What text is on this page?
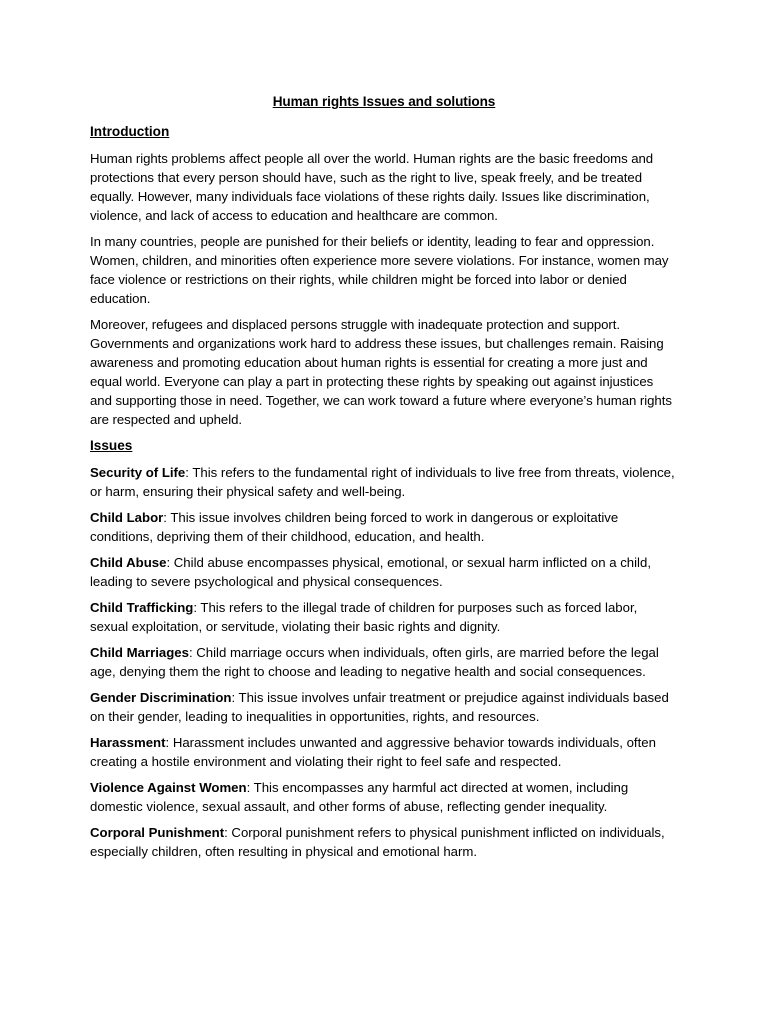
Human rights Issues and solutions
Introduction

Human rights problems affect people all over the world. Human rights are the basic freedoms and protections that every person should have, such as the right to live, speak freely, and be treated equally. However, many individuals face violations of these rights daily. Issues like discrimination, violence, and lack of access to education and healthcare are common.

In many countries, people are punished for their beliefs or identity, leading to fear and oppression. Women, children, and minorities often experience more severe violations. For instance, women may face violence or restrictions on their rights, while children might be forced into labor or denied education.

Moreover, refugees and displaced persons struggle with inadequate protection and support. Governments and organizations work hard to address these issues, but challenges remain. Raising awareness and promoting education about human rights is essential for creating a more just and equal world. Everyone can play a part in protecting these rights by speaking out against injustices and supporting those in need. Together, we can work toward a future where everyone’s human rights are respected and upheld.

Issues
Security of Life: This refers to the fundamental right of individuals to live free from threats, violence, or harm, ensuring their physical safety and well-being.
Child Labor: This issue involves children being forced to work in dangerous or exploitative conditions, depriving them of their childhood, education, and health.
Child Abuse: Child abuse encompasses physical, emotional, or sexual harm inflicted on a child, leading to severe psychological and physical consequences.
Child Trafficking: This refers to the illegal trade of children for purposes such as forced labor, sexual exploitation, or servitude, violating their basic rights and dignity.
Child Marriages: Child marriage occurs when individuals, often girls, are married before the legal age, denying them the right to choose and leading to negative health and social consequences.
Gender Discrimination: This issue involves unfair treatment or prejudice against individuals based on their gender, leading to inequalities in opportunities, rights, and resources.
Harassment: Harassment includes unwanted and aggressive behavior towards individuals, often creating a hostile environment and violating their right to feel safe and respected.
Violence Against Women: This encompasses any harmful act directed at women, including domestic violence, sexual assault, and other forms of abuse, reflecting gender inequality.
Corporal Punishment: Corporal punishment refers to physical punishment inflicted on individuals, especially children, often resulting in physical and emotional harm.
